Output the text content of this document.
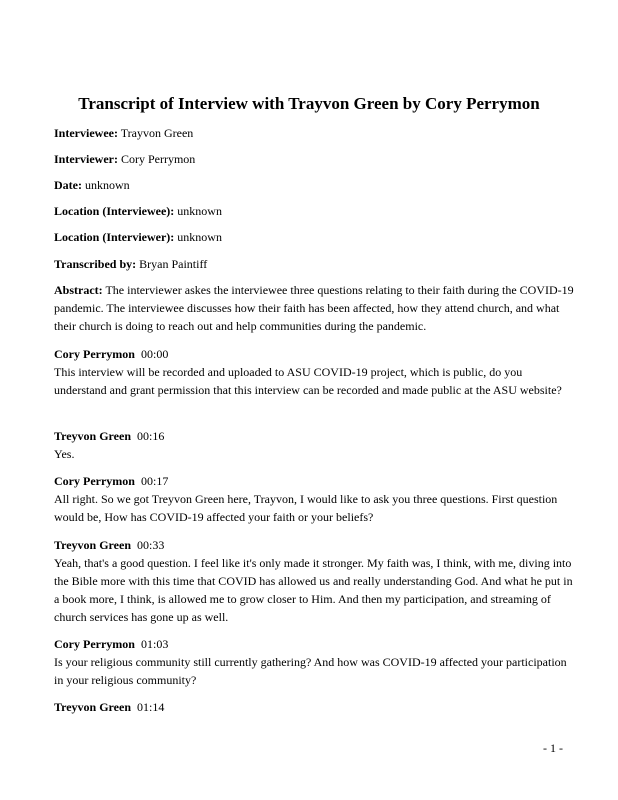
Transcript of Interview with Trayvon Green by Cory Perrymon
Interviewee: Trayvon Green
Interviewer: Cory Perrymon
Date: unknown
Location (Interviewee): unknown
Location (Interviewer): unknown
Transcribed by: Bryan Paintiff
Abstract: The interviewer askes the interviewee three questions relating to their faith during the COVID-19 pandemic. The interviewee discusses how their faith has been affected, how they attend church, and what their church is doing to reach out and help communities during the pandemic.
Cory Perrymon 00:00
This interview will be recorded and uploaded to ASU COVID-19 project, which is public, do you understand and grant permission that this interview can be recorded and made public at the ASU website?
Treyvon Green 00:16
Yes.
Cory Perrymon 00:17
All right. So we got Treyvon Green here, Trayvon, I would like to ask you three questions. First question would be, How has COVID-19 affected your faith or your beliefs?
Treyvon Green 00:33
Yeah, that's a good question. I feel like it's only made it stronger. My faith was, I think, with me, diving into the Bible more with this time that COVID has allowed us and really understanding God. And what he put in a book more, I think, is allowed me to grow closer to Him. And then my participation, and streaming of church services has gone up as well.
Cory Perrymon 01:03
Is your religious community still currently gathering? And how was COVID-19 affected your participation in your religious community?
Treyvon Green 01:14
- 1 -
